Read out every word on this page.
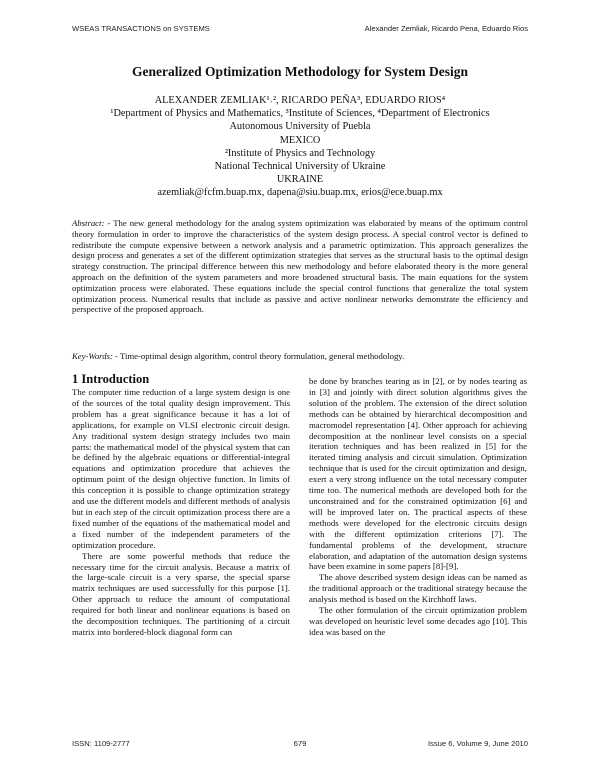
WSEAS TRANSACTIONS on SYSTEMS	Alexander Zemliak, Ricardo Pena, Eduardo Rios
Generalized Optimization Methodology for System Design
ALEXANDER ZEMLIAK¹˒², RICARDO PEÑA³, EDUARDO RIOS⁴
¹Department of Physics and Mathematics, ³Institute of Sciences, ⁴Department of Electronics
Autonomous University of Puebla
MEXICO
²Institute of Physics and Technology
National Technical University of Ukraine
UKRAINE
azemliak@fcfm.buap.mx, dapena@siu.buap.mx, erios@ece.buap.mx

Abstract: - The new general methodology for the analog system optimization was elaborated by means of the optimum control theory formulation in order to improve the characteristics of the system design process. A special control vector is defined to redistribute the compute expensive between a network analysis and a parametric optimization. This approach generalizes the design process and generates a set of the different optimization strategies that serves as the structural basis to the optimal design strategy construction. The principal difference between this new methodology and before elaborated theory is the more general approach on the definition of the system parameters and more broadened structural basis. The main equations for the system optimization process were elaborated. These equations include the special control functions that generalize the total system optimization process. Numerical results that include as passive and active nonlinear networks demonstrate the efficiency and perspective of the proposed approach.

Key-Words: - Time-optimal design algorithm, control theory formulation, general methodology.

1 Introduction

The computer time reduction of a large system design is one of the sources of the total quality design improvement. This problem has a great significance because it has a lot of applications, for example on VLSI electronic circuit design. Any traditional system design strategy includes two main parts: the mathematical model of the physical system that can be defined by the algebraic equations or differential-integral equations and optimization procedure that achieves the optimum point of the design objective function. In limits of this conception it is possible to change optimization strategy and use the different models and different methods of analysis but in each step of the circuit optimization process there are a fixed number of the equations of the mathematical model and a fixed number of the independent parameters of the optimization procedure.

There are some powerful methods that reduce the necessary time for the circuit analysis. Because a matrix of the large-scale circuit is a very sparse, the special sparse matrix techniques are used successfully for this purpose [1]. Other approach to reduce the amount of computational required for both linear and nonlinear equations is based on the decomposition techniques. The partitioning of a circuit matrix into bordered-block diagonal form can

be done by branches tearing as in [2], or by nodes tearing as in [3] and jointly with direct solution algorithms gives the solution of the problem. The extension of the direct solution methods can be obtained by hierarchical decomposition and macromodel representation [4]. Other approach for achieving decomposition at the nonlinear level consists on a special iteration techniques and has been realized in [5] for the iterated timing analysis and circuit simulation. Optimization technique that is used for the circuit optimization and design, exert a very strong influence on the total necessary computer time too. The numerical methods are developed both for the unconstrained and for the constrained optimization [6] and will be improved later on. The practical aspects of these methods were developed for the electronic circuits design with the different optimization criterions [7]. The fundamental problems of the development, structure elaboration, and adaptation of the automation design systems have been examine in some papers [8]-[9].

The above described system design ideas can be named as the traditional approach or the traditional strategy because the analysis method is based on the Kirchhoff laws.

The other formulation of the circuit optimization problem was developed on heuristic level some decades ago [10]. This idea was based on the

ISSN: 1109-2777	679	Issue 6, Volume 9, June 2010
